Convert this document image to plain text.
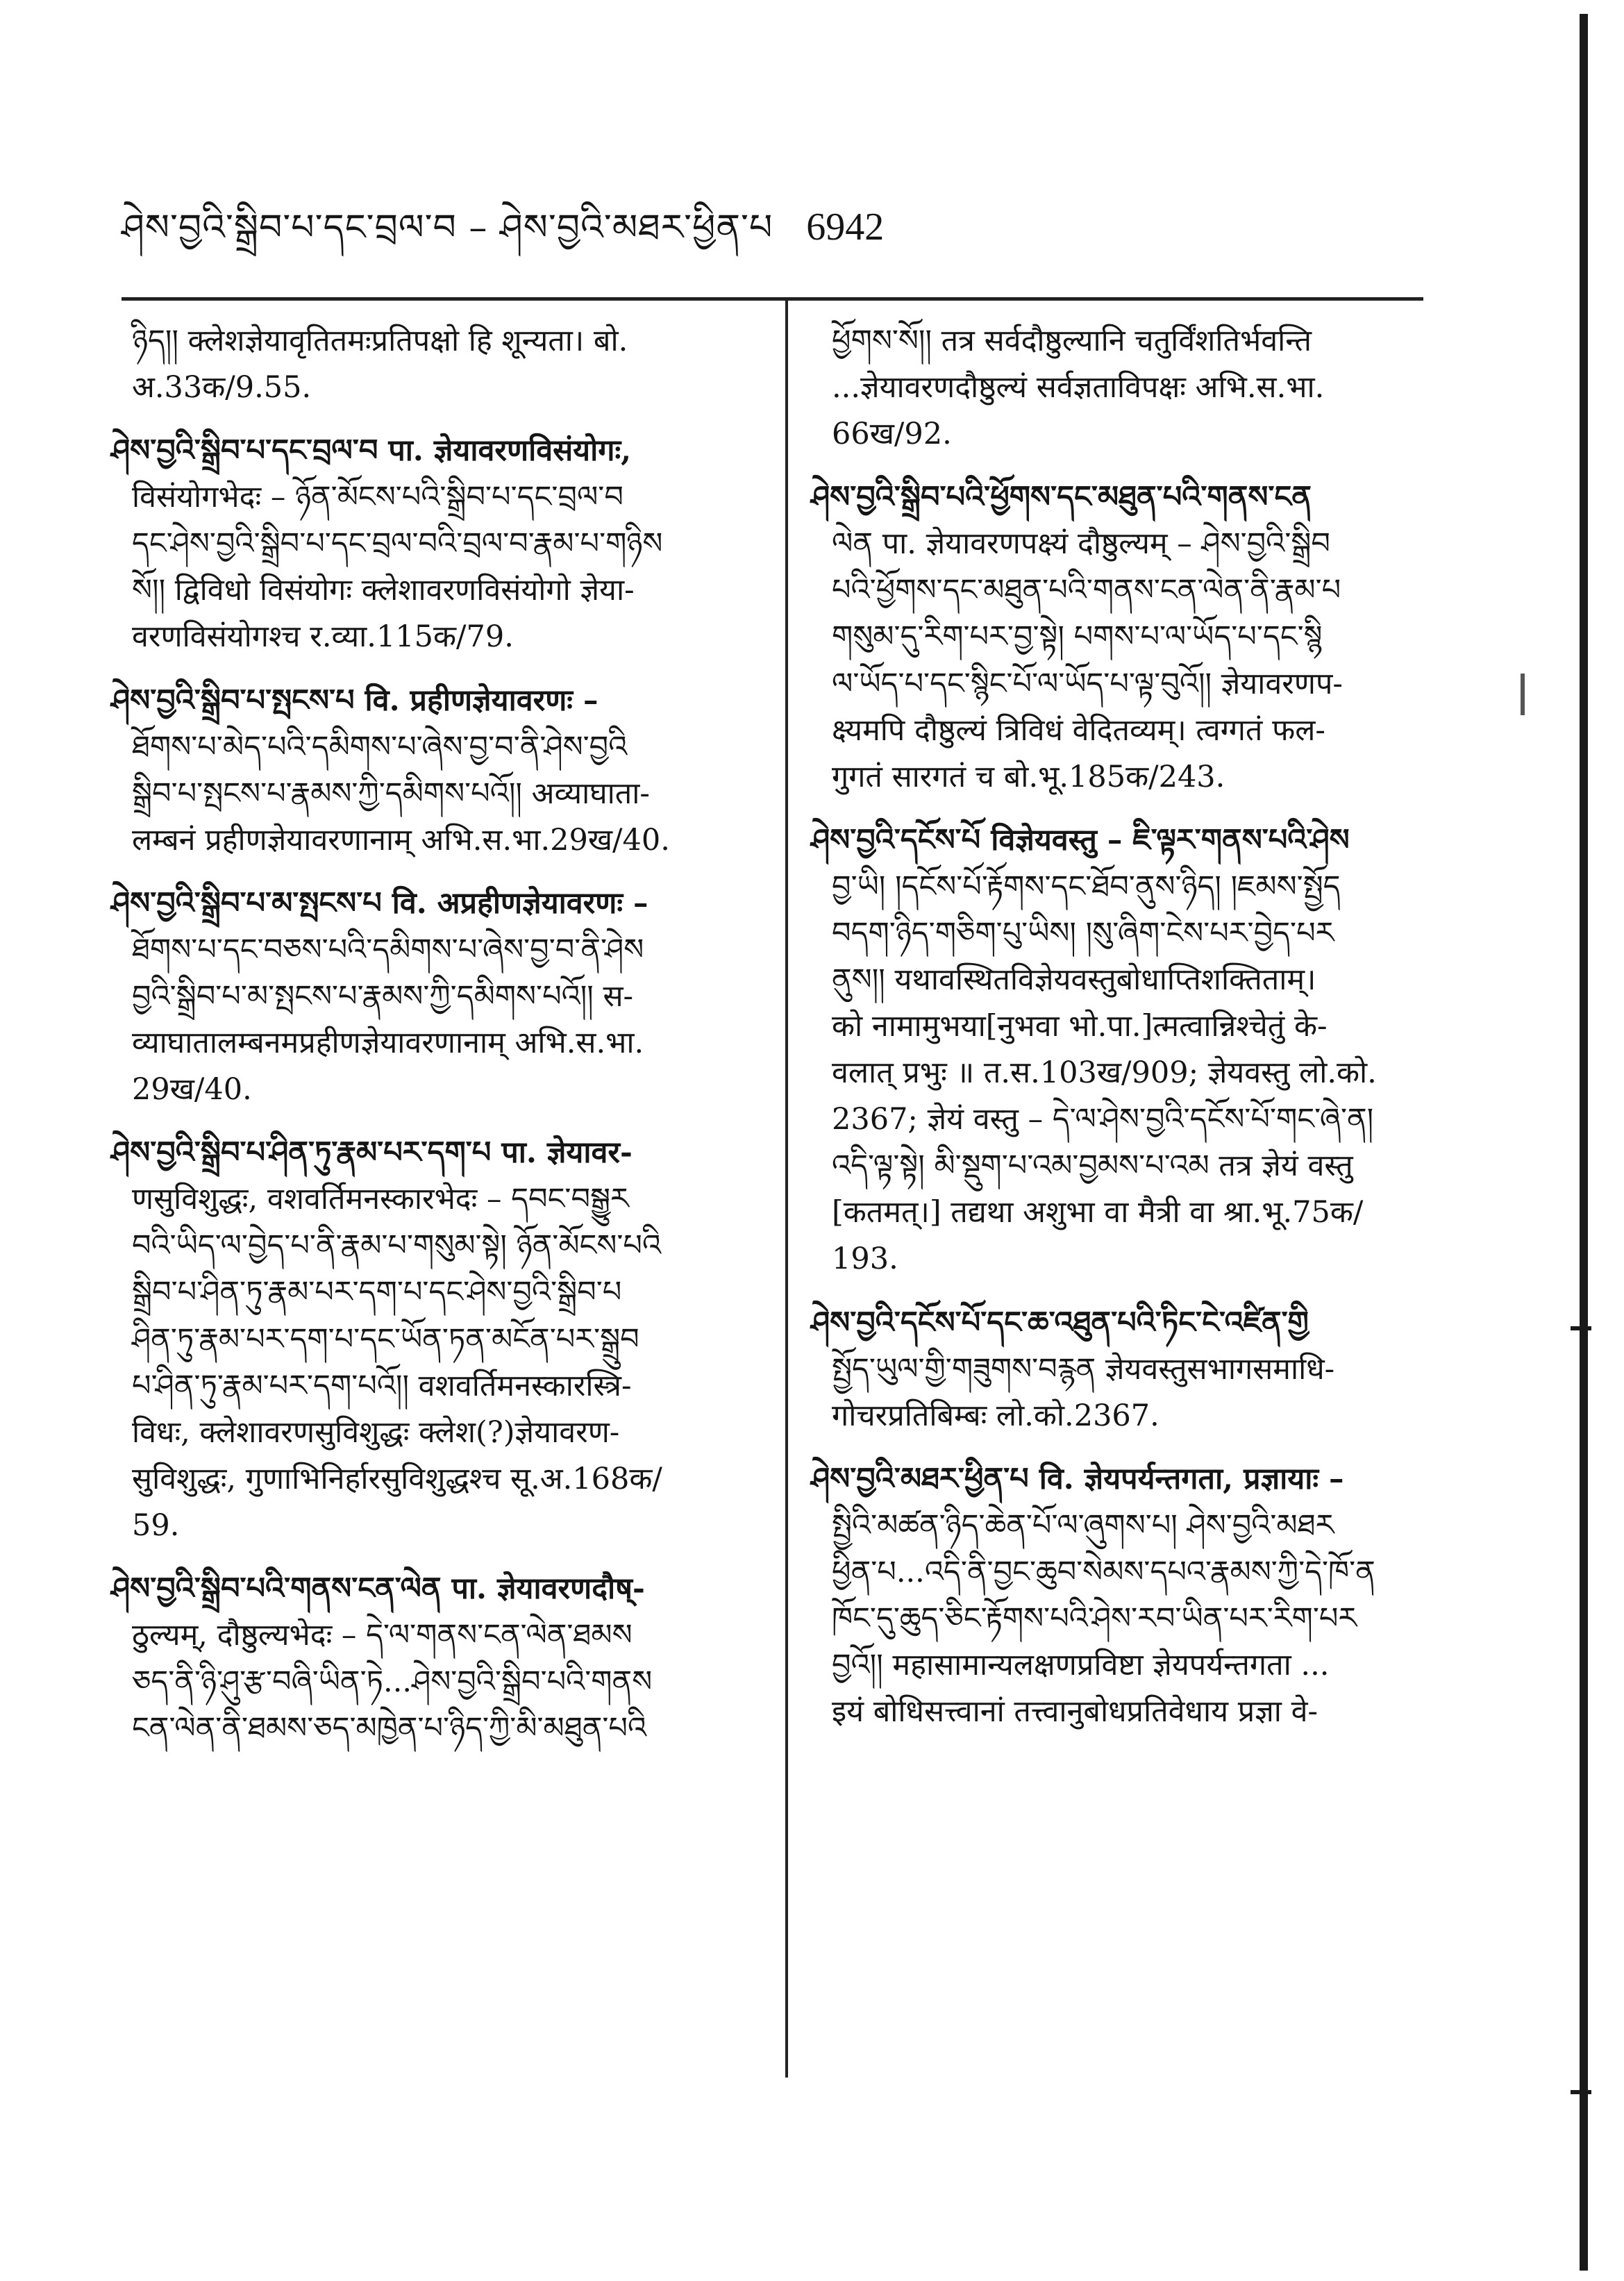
ཤེས་བྱའི་སྒྲིབ་པ་དང་བྲལ་བ – ཤེས་བྱའི་མཐར་ཕྱིན་པ 6942

ཉིད།། क्लेशज्ञेयावृतितमःप्रतिपक्षो हि शून्यता। बो.

अ.33क/9.55.

ཤེས་བྱའི་སྒྲིབ་པ་དང་བྲལ་བ पा. ज्ञेयावरणविसंयोगः,

विसंयोगभेदः – ཉོན་མོངས་པའི་སྒྲིབ་པ་དང་བྲལ་བ

དང་ཤེས་བྱའི་སྒྲིབ་པ་དང་བྲལ་བའི་བྲལ་བ་རྣམ་པ་གཉིས

སོ།། द्विविधो विसंयोगः क्लेशावरणविसंयोगो ज्ञेया-

वरणविसंयोगश्च र.व्या.115क/79.

ཤེས་བྱའི་སྒྲིབ་པ་སྤངས་པ वि. प्रहीणज्ञेयावरणः –

ཐོགས་པ་མེད་པའི་དམིགས་པ་ཞེས་བྱ་བ་ནི་ཤེས་བྱའི

སྒྲིབ་པ་སྤངས་པ་རྣམས་ཀྱི་དམིགས་པའོ།། अव्याघाता-

लम्बनं प्रहीणज्ञेयावरणानाम् अभि.स.भा.29ख/40.

ཤེས་བྱའི་སྒྲིབ་པ་མ་སྤངས་པ वि. अप्रहीणज्ञेयावरणः –

ཐོགས་པ་དང་བཅས་པའི་དམིགས་པ་ཞེས་བྱ་བ་ནི་ཤེས

བྱའི་སྒྲིབ་པ་མ་སྤངས་པ་རྣམས་ཀྱི་དམིགས་པའོ།། स-

व्याघातालम्बनमप्रहीणज्ञेयावरणानाम् अभि.स.भा.

29ख/40.

ཤེས་བྱའི་སྒྲིབ་པ་ཤིན་ཏུ་རྣམ་པར་དག་པ पा. ज्ञेयावर-

णसुविशुद्धः, वशवर्तिमनस्कारभेदः – དབང་བསྒྱུར

བའི་ཡིད་ལ་བྱེད་པ་ནི་རྣམ་པ་གསུམ་སྟེ། ཉོན་མོངས་པའི

སྒྲིབ་པ་ཤིན་ཏུ་རྣམ་པར་དག་པ་དང་ཤེས་བྱའི་སྒྲིབ་པ

ཤིན་ཏུ་རྣམ་པར་དག་པ་དང་ཡོན་ཏན་མངོན་པར་སྒྲུབ

པ་ཤིན་ཏུ་རྣམ་པར་དག་པའོ།། वशवर्तिमनस्कारस्त्रि-

विधः, क्लेशावरणसुविशुद्धः क्लेश(?)ज्ञेयावरण-

सुविशुद्धः, गुणाभिनिर्हारसुविशुद्धश्च सू.अ.168क/

59.

ཤེས་བྱའི་སྒྲིབ་པའི་གནས་ངན་ལེན पा. ज्ञेयावरणदौष्-

ठुल्यम्, दौष्ठुल्यभेदः – དེ་ལ་གནས་ངན་ལེན་ཐམས

ཅད་ནི་ཉི་ཤུ་རྩ་བཞི་ཡིན་ཏེ...ཤེས་བྱའི་སྒྲིབ་པའི་གནས

ངན་ལེན་ནི་ཐམས་ཅད་མཁྱེན་པ་ཉིད་ཀྱི་མི་མཐུན་པའི

ཕྱོགས་སོ།། तत्र सर्वदौष्ठुल्यानि चतुर्विंशतिर्भवन्ति

...ज्ञेयावरणदौष्ठुल्यं सर्वज्ञताविपक्षः अभि.स.भा.

66ख/92.

ཤེས་བྱའི་སྒྲིབ་པའི་ཕྱོགས་དང་མཐུན་པའི་གནས་ངན

ལེན पा. ज्ञेयावरणपक्ष्यं दौष्ठुल्यम् – ཤེས་བྱའི་སྒྲིབ

པའི་ཕྱོགས་དང་མཐུན་པའི་གནས་ངན་ལེན་ནི་རྣམ་པ

གསུམ་དུ་རིག་པར་བྱ་སྟེ། པགས་པ་ལ་ཡོད་པ་དང་སྙི

ལ་ཡོད་པ་དང་སྙིང་པོ་ལ་ཡོད་པ་ལྟ་བུའོ།། ज्ञेयावरणप-

क्ष्यमपि दौष्ठुल्यं त्रिविधं वेदितव्यम्। त्वग्गतं फल-

गुगतं सारगतं च बो.भू.185क/243.

ཤེས་བྱའི་དངོས་པོ विज्ञेयवस्तु – ཇི་ལྟར་གནས་པའི་ཤེས

བྱ་ཡི། །དངོས་པོ་རྟོགས་དང་ཐོབ་ནུས་ཉིད། །ཇམས་སྤྱོད

བདག་ཉིད་གཅིག་པུ་ཡིས། །སུ་ཞིག་ངེས་པར་བྱེད་པར

ནུས།། यथावस्थितविज्ञेयवस्तुबोधाप्तिशक्तिताम्।

को नामामुभया[नुभवा भो.पा.]त्मत्वान्निश्चेतुं के-

वलात् प्रभुः ॥ त.स.103ख/909; ज्ञेयवस्तु लो.को.

2367; ज्ञेयं वस्तु – དེ་ལ་ཤེས་བྱའི་དངོས་པོ་གང་ཞེ་ན།

འདི་ལྟ་སྟེ། མི་སྡུག་པ་འམ་བྱམས་པ་འམ तत्र ज्ञेयं वस्तु

[कतमत्।] तद्यथा अशुभा वा मैत्री वा श्रा.भू.75क/

193.

ཤེས་བྱའི་དངོས་པོ་དང་ཆ་འཐུན་པའི་ཏིང་ངེ་འཛིན་གྱི

སྤྱོད་ཡུལ་གྱི་གཟུགས་བརྙན ज्ञेयवस्तुसभागसमाधि-

गोचरप्रतिबिम्बः लो.को.2367.

ཤེས་བྱའི་མཐར་ཕྱིན་པ वि. ज्ञेयपर्यन्तगता, प्रज्ञायाः –

སྤྱིའི་མཚན་ཉིད་ཆེན་པོ་ལ་ཞུགས་པ། ཤེས་བྱའི་མཐར

ཕྱིན་པ...འདི་ནི་བྱང་ཆུབ་སེམས་དཔའ་རྣམས་ཀྱི་དེ་ཁོ་ན

ཁོང་དུ་ཆུད་ཅིང་རྟོགས་པའི་ཤེས་རབ་ཡིན་པར་རིག་པར

བྱའོ།། महासामान्यलक्षणप्रविष्टा ज्ञेयपर्यन्तगता ...

इयं बोधिसत्त्वानां तत्त्वानुबोधप्रतिवेधाय प्रज्ञा वे-
